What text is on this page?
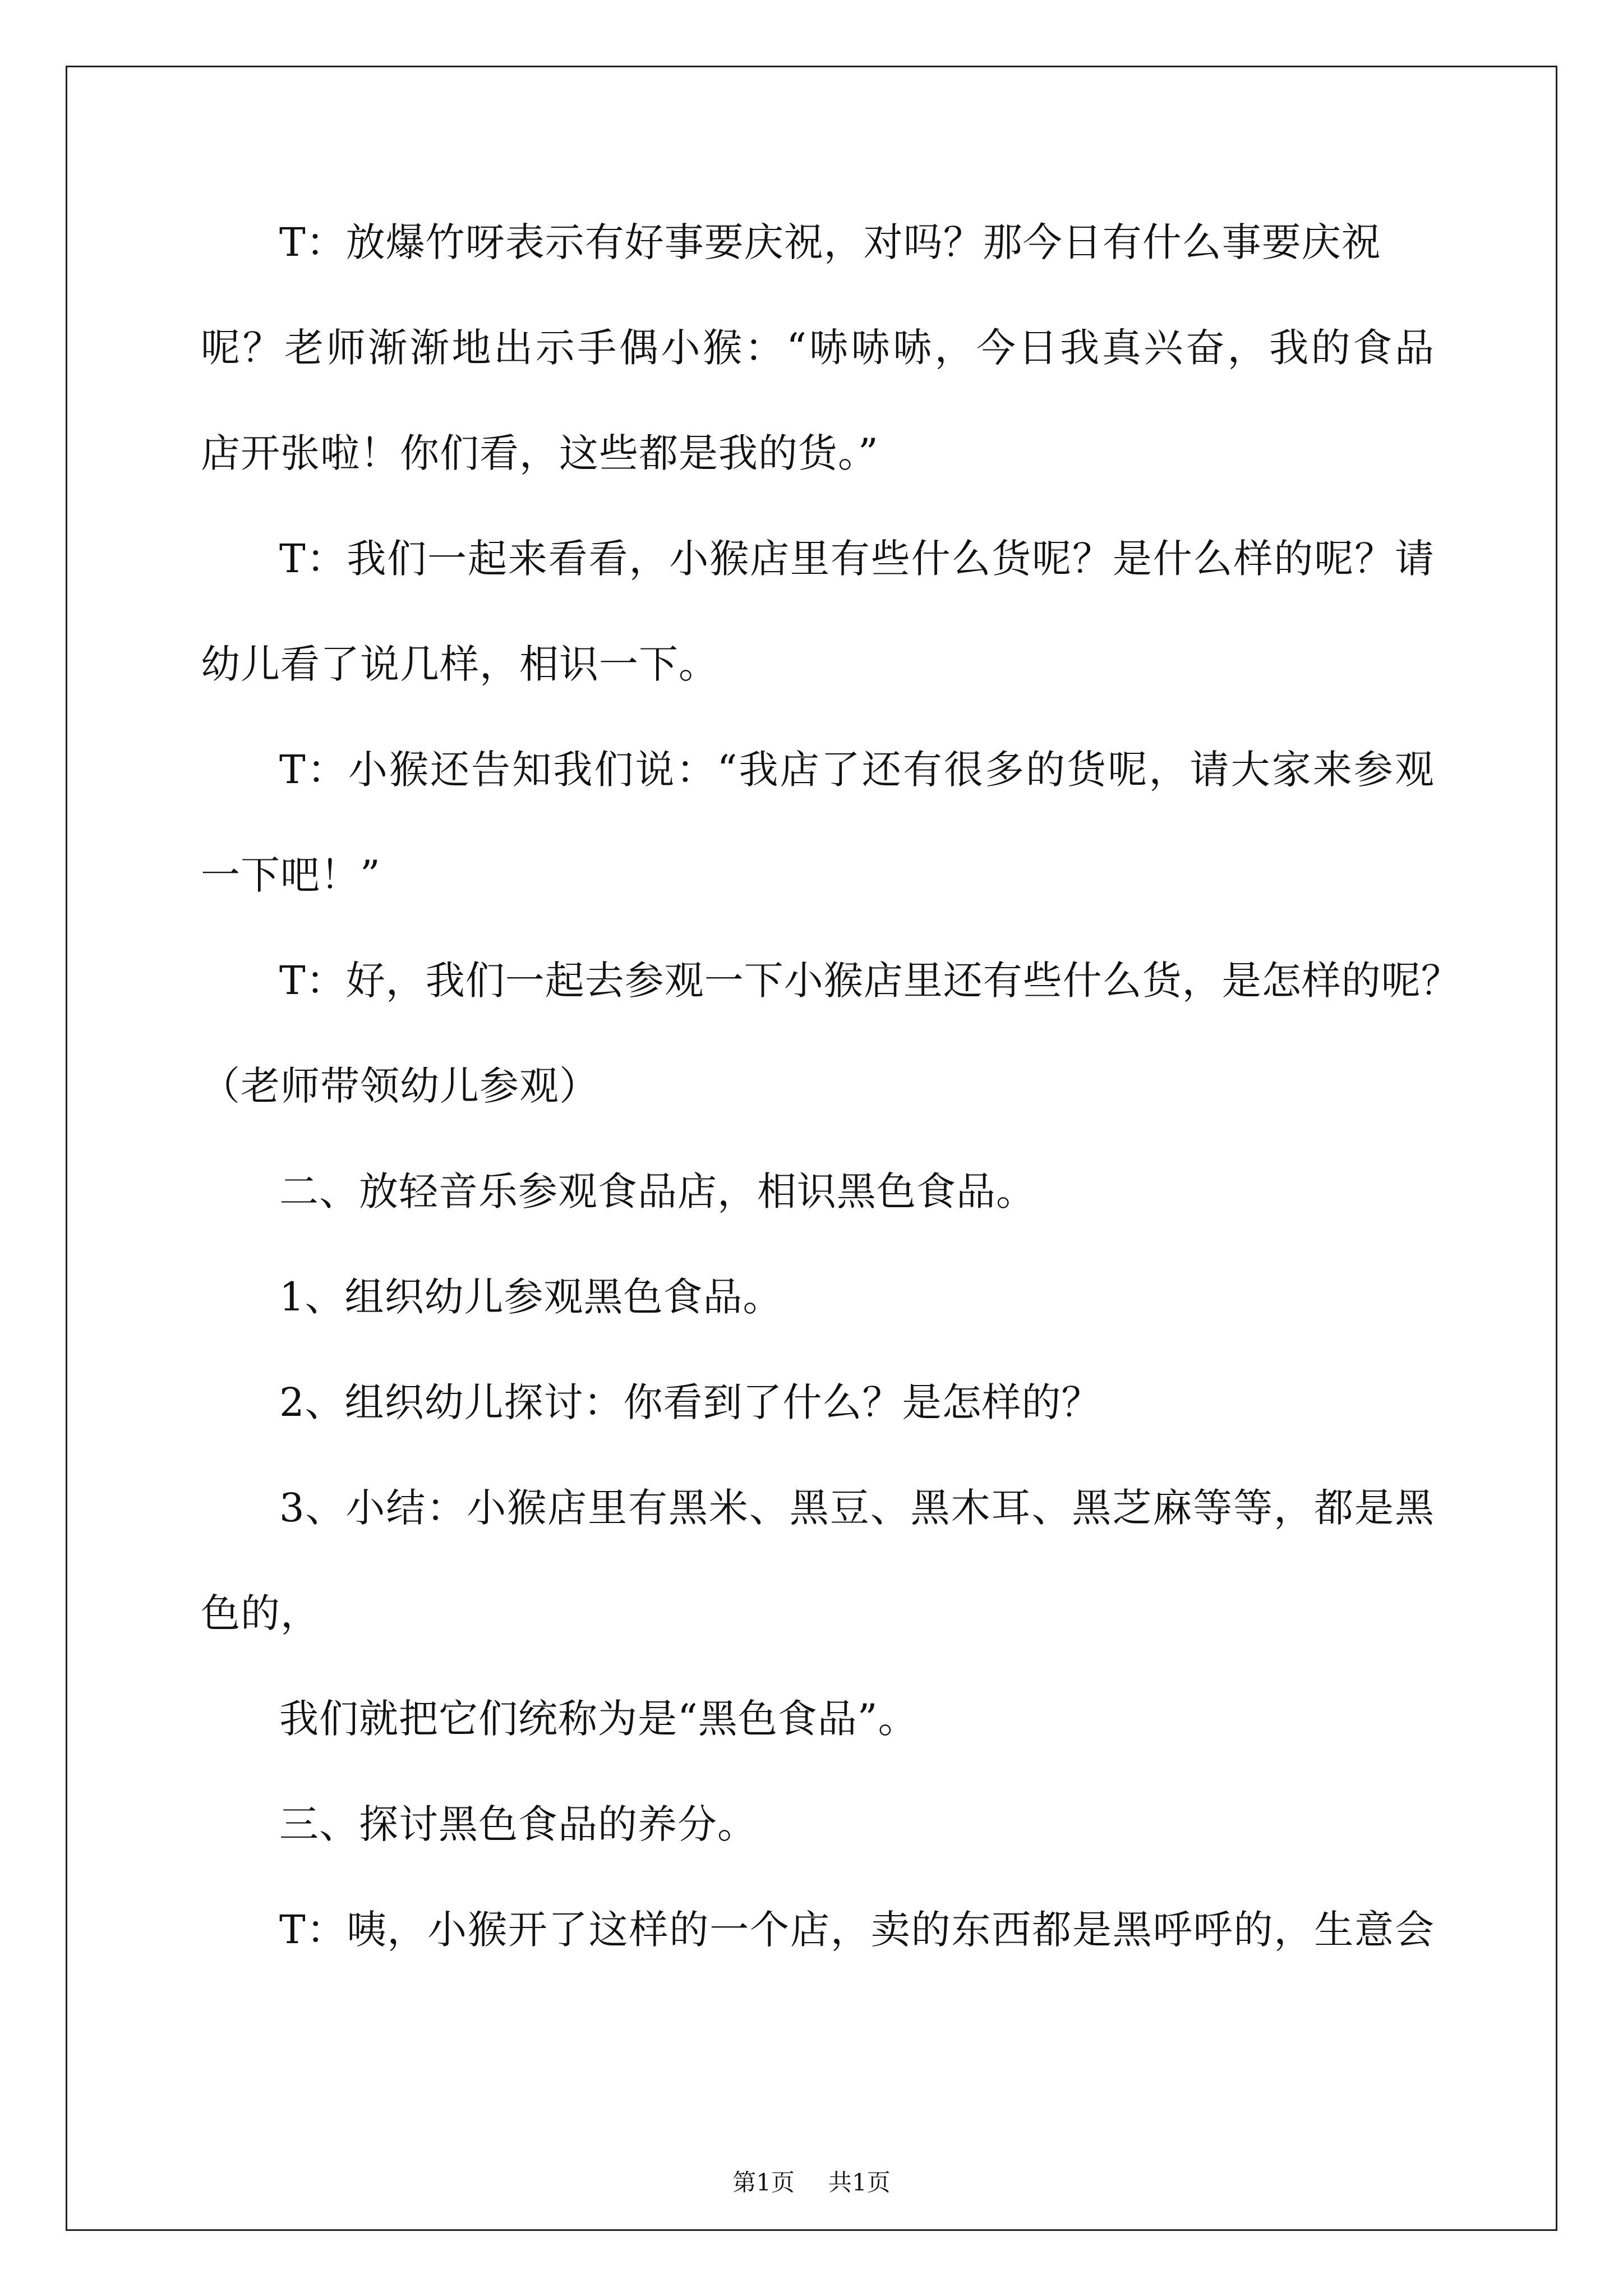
T：放爆竹呀表示有好事要庆祝，对吗？那今日有什么事要庆祝
呢？老师渐渐地出示手偶小猴：“哧哧哧，今日我真兴奋，我的食品
店开张啦！你们看，这些都是我的货。”
T：我们一起来看看，小猴店里有些什么货呢？是什么样的呢？请
幼儿看了说几样，相识一下。
T：小猴还告知我们说：“我店了还有很多的货呢，请大家来参观
一下吧！”
T：好，我们一起去参观一下小猴店里还有些什么货，是怎样的呢？
（老师带领幼儿参观）
二、放轻音乐参观食品店，相识黑色食品。
1、组织幼儿参观黑色食品。
2、组织幼儿探讨：你看到了什么？是怎样的？
3、小结：小猴店里有黑米、黑豆、黑木耳、黑芝麻等等，都是黑
色的，
我们就把它们统称为是“黑色食品”。
三、探讨黑色食品的养分。
T：咦，小猴开了这样的一个店，卖的东西都是黑呼呼的，生意会
第1页 共1页
